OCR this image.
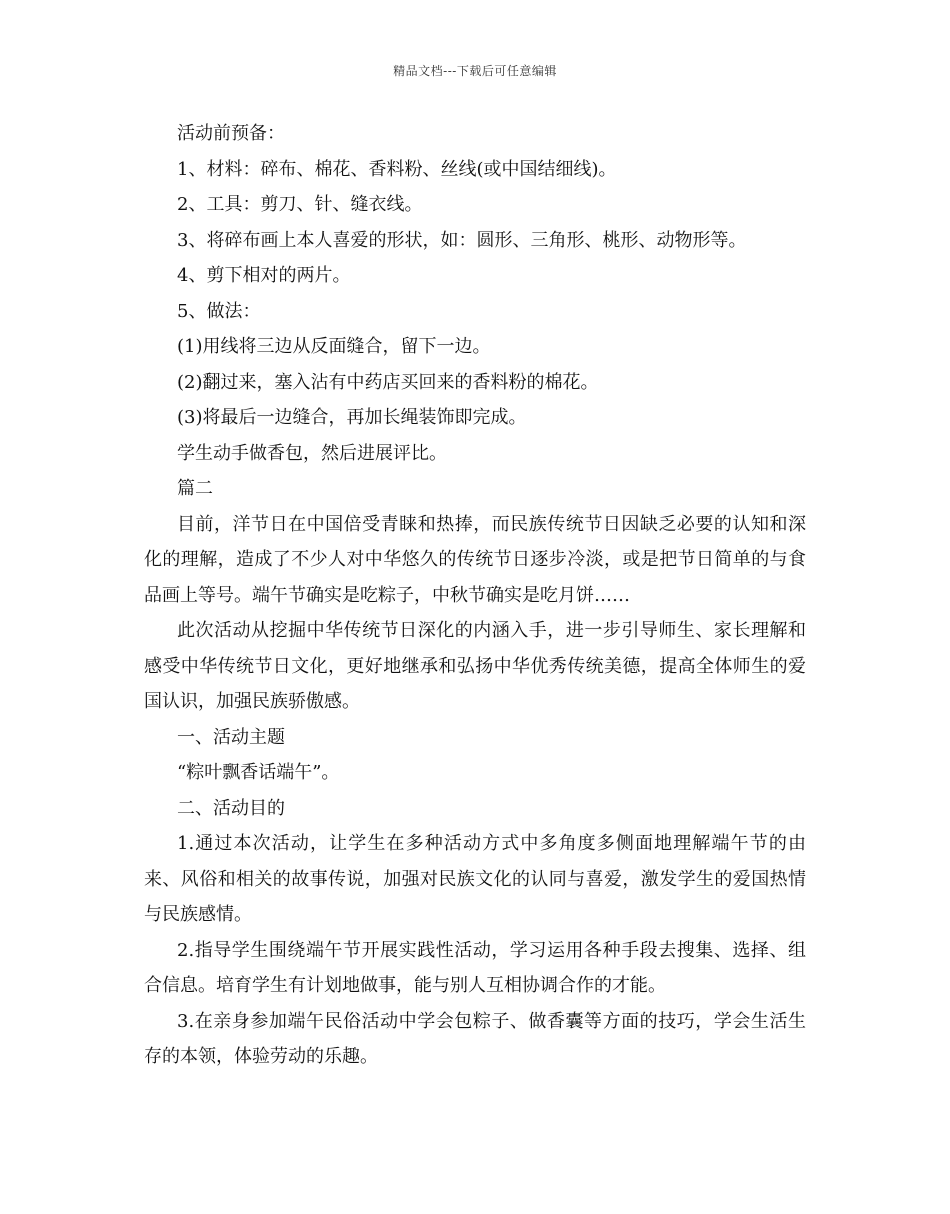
精品文档---下载后可任意编辑

活动前预备：

1、材料：碎布、棉花、香料粉、丝线(或中国结细线)。

2、工具：剪刀、针、缝衣线。

3、将碎布画上本人喜爱的形状，如：圆形、三角形、桃形、动物形等。

4、剪下相对的两片。

5、做法：

(1)用线将三边从反面缝合，留下一边。

(2)翻过来，塞入沾有中药店买回来的香料粉的棉花。

(3)将最后一边缝合，再加长绳装饰即完成。

学生动手做香包，然后进展评比。

篇二

目前，洋节日在中国倍受青睐和热捧，而民族传统节日因缺乏必要的认知和深化的理解，造成了不少人对中华悠久的传统节日逐步冷淡，或是把节日简单的与食品画上等号。端午节确实是吃粽子，中秋节确实是吃月饼……

此次活动从挖掘中华传统节日深化的内涵入手，进一步引导师生、家长理解和感受中华传统节日文化，更好地继承和弘扬中华优秀传统美德，提高全体师生的爱国认识，加强民族骄傲感。

一、活动主题

“粽叶飘香话端午”。

二、活动目的

1.通过本次活动，让学生在多种活动方式中多角度多侧面地理解端午节的由来、风俗和相关的故事传说，加强对民族文化的认同与喜爱，激发学生的爱国热情与民族感情。

2.指导学生围绕端午节开展实践性活动，学习运用各种手段去搜集、选择、组合信息。培育学生有计划地做事，能与别人互相协调合作的才能。

3.在亲身参加端午民俗活动中学会包粽子、做香囊等方面的技巧，学会生活生存的本领，体验劳动的乐趣。
